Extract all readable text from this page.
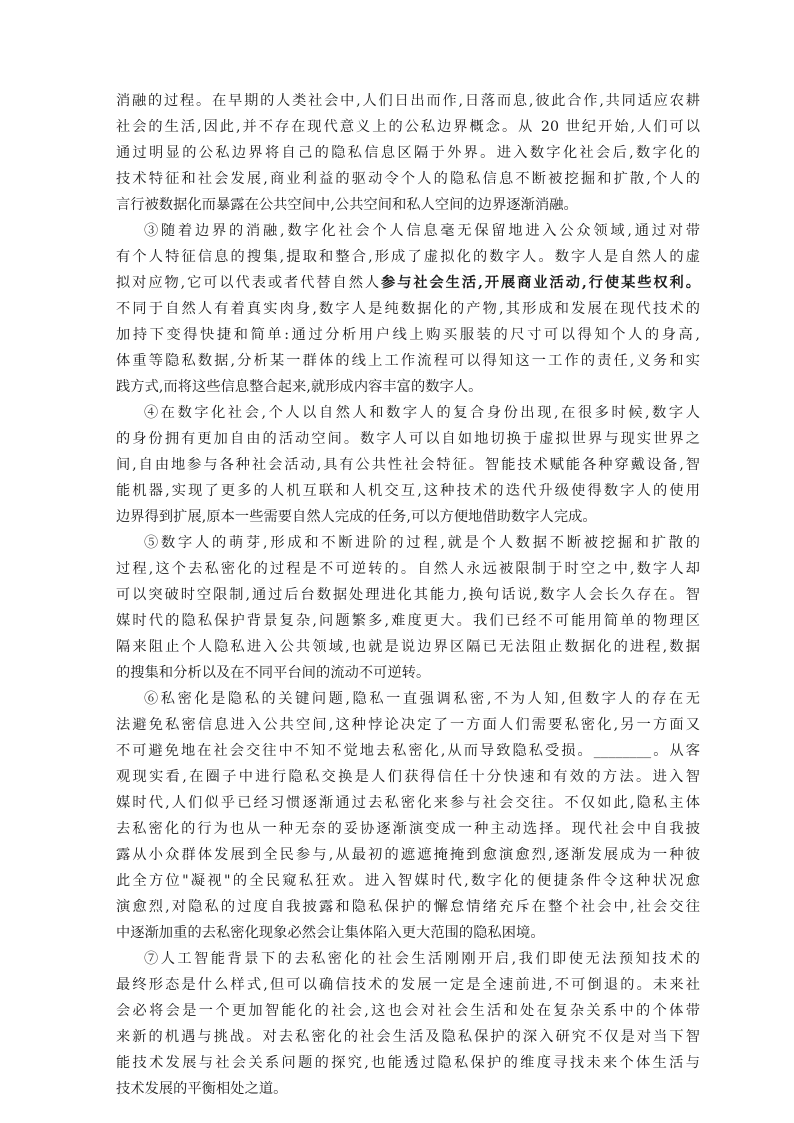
消融的过程。在早期的人类社会中,人们日出而作,日落而息,彼此合作,共同适应农耕
社会的生活,因此,并不存在现代意义上的公私边界概念。从 20 世纪开始,人们可以
通过明显的公私边界将自己的隐私信息区隔于外界。进入数字化社会后,数字化的
技术特征和社会发展,商业利益的驱动令个人的隐私信息不断被挖掘和扩散,个人的
言行被数据化而暴露在公共空间中,公共空间和私人空间的边界逐渐消融。
③随着边界的消融,数字化社会个人信息毫无保留地进入公众领域,通过对带
有个人特征信息的搜集,提取和整合,形成了虚拟化的数字人。数字人是自然人的虚
拟对应物,它可以代表或者代替自然人参与社会生活,开展商业活动,行使某些权利。
不同于自然人有着真实肉身,数字人是纯数据化的产物,其形成和发展在现代技术的
加持下变得快捷和简单:通过分析用户线上购买服装的尺寸可以得知个人的身高,
体重等隐私数据,分析某一群体的线上工作流程可以得知这一工作的责任,义务和实
践方式,而将这些信息整合起来,就形成内容丰富的数字人。
④在数字化社会,个人以自然人和数字人的复合身份出现,在很多时候,数字人
的身份拥有更加自由的活动空间。数字人可以自如地切换于虚拟世界与现实世界之
间,自由地参与各种社会活动,具有公共性社会特征。智能技术赋能各种穿戴设备,智
能机器,实现了更多的人机互联和人机交互,这种技术的迭代升级使得数字人的使用
边界得到扩展,原本一些需要自然人完成的任务,可以方便地借助数字人完成。
⑤数字人的萌芽,形成和不断进阶的过程,就是个人数据不断被挖掘和扩散的
过程,这个去私密化的过程是不可逆转的。自然人永远被限制于时空之中,数字人却
可以突破时空限制,通过后台数据处理进化其能力,换句话说,数字人会长久存在。智
媒时代的隐私保护背景复杂,问题繁多,难度更大。我们已经不可能用简单的物理区
隔来阻止个人隐私进入公共领域,也就是说边界区隔已无法阻止数据化的进程,数据
的搜集和分析以及在不同平台间的流动不可逆转。
⑥私密化是隐私的关键问题,隐私一直强调私密,不为人知,但数字人的存在无
法避免私密信息进入公共空间,这种悖论决定了一方面人们需要私密化,另一方面又
不可避免地在社会交往中不知不觉地去私密化,从而导致隐私受损。________。从客
观现实看,在圈子中进行隐私交换是人们获得信任十分快速和有效的方法。进入智
媒时代,人们似乎已经习惯逐渐通过去私密化来参与社会交往。不仅如此,隐私主体
去私密化的行为也从一种无奈的妥协逐渐演变成一种主动选择。现代社会中自我披
露从小众群体发展到全民参与,从最初的遮遮掩掩到愈演愈烈,逐渐发展成为一种彼
此全方位"凝视"的全民窥私狂欢。进入智媒时代,数字化的便捷条件令这种状况愈
演愈烈,对隐私的过度自我披露和隐私保护的懈怠情绪充斥在整个社会中,社会交往
中逐渐加重的去私密化现象必然会让集体陷入更大范围的隐私困境。
⑦人工智能背景下的去私密化的社会生活刚刚开启,我们即使无法预知技术的
最终形态是什么样式,但可以确信技术的发展一定是全速前进,不可倒退的。未来社
会必将会是一个更加智能化的社会,这也会对社会生活和处在复杂关系中的个体带
来新的机遇与挑战。对去私密化的社会生活及隐私保护的深入研究不仅是对当下智
能技术发展与社会关系问题的探究,也能透过隐私保护的维度寻找未来个体生活与
技术发展的平衡相处之道。
